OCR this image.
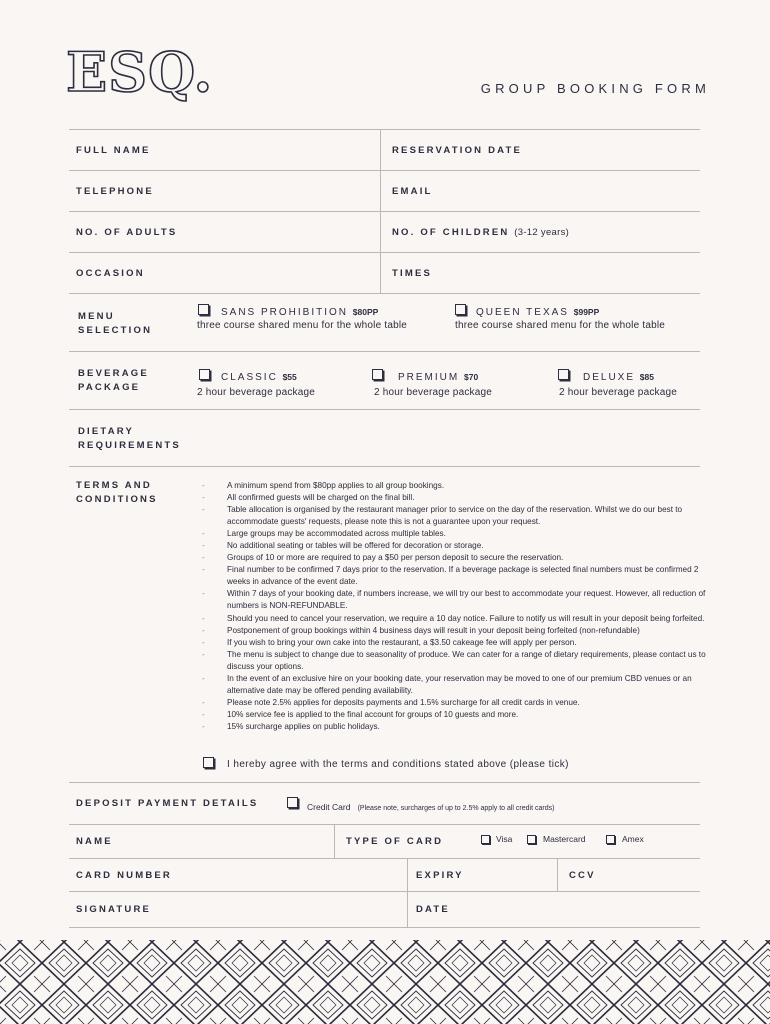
ESQ.	GROUP BOOKING FORM
FULL NAME	RESERVATION DATE
TELEPHONE	EMAIL
NO. OF ADULTS	NO. OF CHILDREN (3-12 years)
OCCASION	TIMES
MENU
SELECTION
SANS PROHIBITION $80PP
three course shared menu for the whole table
QUEEN TEXAS $99PP
three course shared menu for the whole table
BEVERAGE
PACKAGE
CLASSIC $55
2 hour beverage package
PREMIUM $70
2 hour beverage package
DELUXE $85
2 hour beverage package
DIETARY
REQUIREMENTS
TERMS AND
CONDITIONS
- A minimum spend from $80pp applies to all group bookings.
- All confirmed guests will be charged on the final bill.
- Table allocation is organised by the restaurant manager prior to service on the day of the reservation. Whilst we do our best to accommodate guests' requests, please note this is not a guarantee upon your request.
- Large groups may be accommodated across multiple tables.
- No additional seating or tables will be offered for decoration or storage.
- Groups of 10 or more are required to pay a $50 per person deposit to secure the reservation.
- Final number to be confirmed 7 days prior to the reservation. If a beverage package is selected final numbers must be confirmed 2 weeks in advance of the event date.
- Within 7 days of your booking date, if numbers increase, we will try our best to accommodate your request. However, all reduction of numbers is NON-REFUNDABLE.
- Should you need to cancel your reservation, we require a 10 day notice. Failure to notify us will result in your deposit being forfeited.
- Postponement of group bookings within 4 business days will result in your deposit being forfeited (non-refundable)
- If you wish to bring your own cake into the restaurant, a $3.50 cakeage fee will apply per person.
- The menu is subject to change due to seasonality of produce. We can cater for a range of dietary requirements, please contact us to discuss your options.
- In the event of an exclusive hire on your booking date, your reservation may be moved to one of our premium CBD venues or an alternative date may be offered pending availability.
- Please note 2.5% applies for deposits payments and 1.5% surcharge for all credit cards in venue.
- 10% service fee is applied to the final account for groups of 10 guests and more.
- 15% surcharge applies on public holidays.
I hereby agree with the terms and conditions stated above (please tick)
DEPOSIT PAYMENT DETAILS	Credit Card (Please note, surcharges of up to 2.5% apply to all credit cards)
NAME	TYPE OF CARD	Visa	Mastercard	Amex
CARD NUMBER	EXPIRY	CCV
SIGNATURE	DATE
